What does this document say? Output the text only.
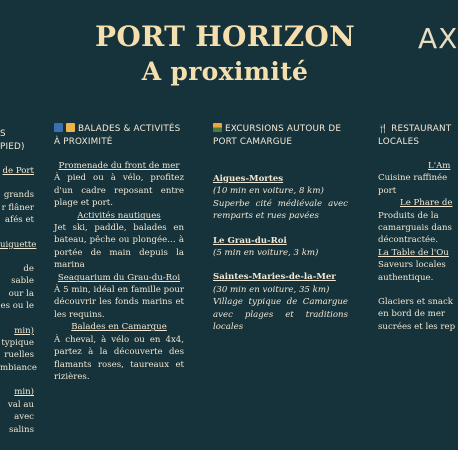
PORT HORIZON
A proximité
AX
S
PIED)

de Port

grands

r flâner

afés et

uiguette

de sable

our la

es ou le

min)

typique

ruelles

mbiance

min)

val au

avec

salins

BALADES & ACTIVITÉS À PROXIMITÉ

Promenade du front de mer

À pied ou à vélo, profitez d'un cadre reposant entre plage et port.

Activités nautiques

Jet ski, paddle, balades en bateau, pêche ou plongée… à portée de main depuis la marina

Seaquarium du Grau-du-Roi

À 5 min, idéal en famille pour découvrir les fonds marins et les requins.

Balades en Camargue

À cheval, à vélo ou en 4x4, partez à la découverte des flamants roses, taureaux et rizières.

EXCURSIONS AUTOUR DE PORT CAMARGUE

Aigues-Mortes

(10 min en voiture, 8 km)

Superbe cité médiévale avec remparts et rues pavées

Le Grau-du-Roi

(5 min en voiture, 3 km)

Saintes-Maries-de-la-Mer

(30 min en voiture, 35 km)

Village typique de Camargue avec plages et traditions locales

🍴 RESTAURANT
LOCALES

L'Am

Cuisine raffinée

port

Le Phare de

Produits de la

camarguais dans

décontractée.

La Table de l'Ou

Saveurs locales

authentique.

Glaciers et snack

en bord de mer

sucrées et les rep
